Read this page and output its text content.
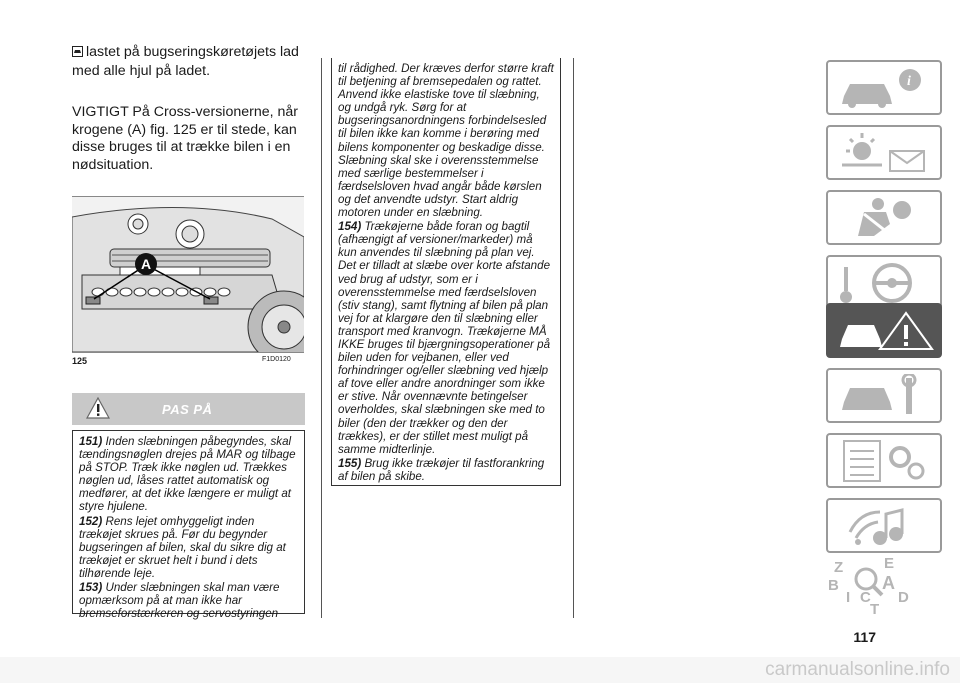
lastet på bugseringskøretøjets lad med alle hjul på ladet.
VIGTIGT På Cross-versionerne, når krogene (A) fig. 125 er til stede, kan disse bruges til at trække bilen i en nødsituation.
A
125	F1D0120
PAS PÅ

151) Inden slæbningen påbegyndes, skal tændingsnøglen drejes på MAR og tilbage på STOP. Træk ikke nøglen ud. Trækkes nøglen ud, låses rattet automatisk og medfører, at det ikke længere er muligt at styre hjulene.

152) Rens lejet omhyggeligt inden trækøjet skrues på. Før du begynder bugseringen af bilen, skal du sikre dig at trækøjet er skruet helt i bund i dets tilhørende leje.

153) Under slæbningen skal man være opmærksom på at man ikke har bremseforstærkeren og servostyringen

til rådighed. Der kræves derfor større kraft til betjening af bremsepedalen og rattet. Anvend ikke elastiske tove til slæbning, og undgå ryk. Sørg for at bugseringsanordningens forbindelsesled til bilen ikke kan komme i berøring med bilens komponenter og beskadige disse. Slæbning skal ske i overensstemmelse med særlige bestemmelser i færdselsloven hvad angår både kørslen og det anvendte udstyr. Start aldrig motoren under en slæbning.

154) Trækøjerne både foran og bagtil (afhængigt af versioner/markeder) må kun anvendes til slæbning på plan vej. Det er tilladt at slæbe over korte afstande ved brug af udstyr, som er i overensstemmelse med færdselsloven (stiv stang), samt flytning af bilen på plan vej for at klargøre den til slæbning eller transport med kranvogn. Trækøjerne MÅ IKKE bruges til bjærgningsoperationer på bilen uden for vejbanen, eller ved forhindringer og/eller slæbning ved hjælp af tove eller andre anordninger som ikke er stive. Når ovennævnte betingelser overholdes, skal slæbningen ske med to biler (den der trækker og den der trækkes), er der stillet mest muligt på samme midterlinje.

155) Brug ikke trækøjer til fastforankring af bilen på skibe.

i
Z	E
B A
I C D
T
117
carmanualsonline.info
